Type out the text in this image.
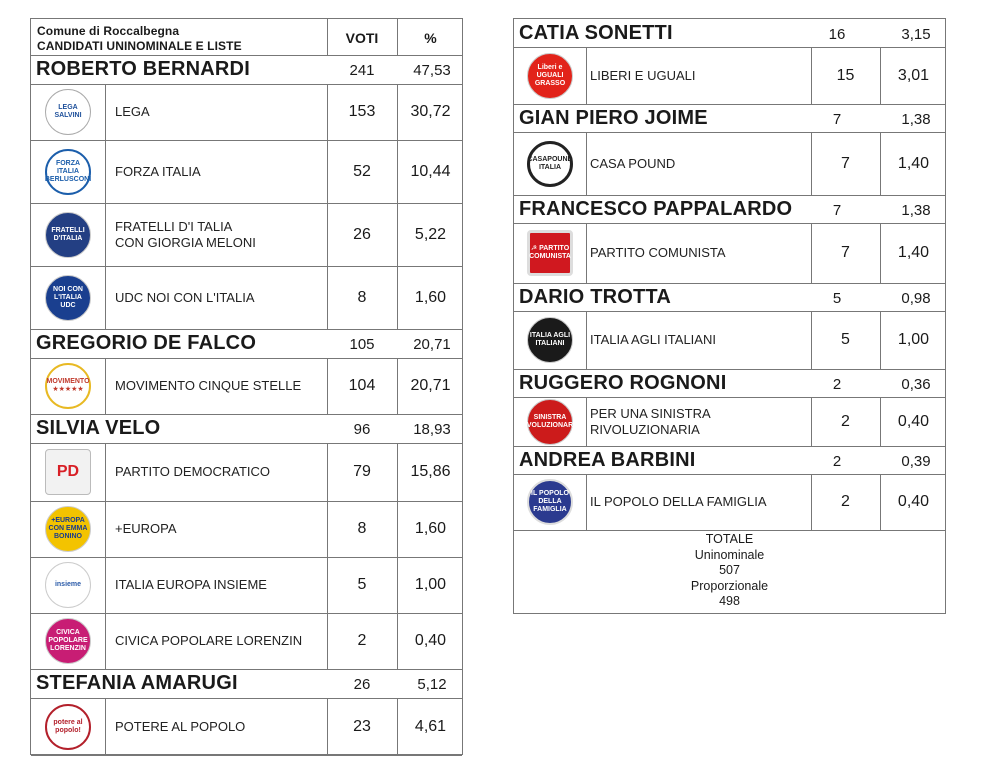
Comune di Roccalbegna
CANDIDATI UNINOMINALE E LISTE	VOTI	%
ROBERTO BERNARDI	241	47,53
LEGA SALVINI	LEGA	153	30,72
FORZA ITALIA BERLUSCONI
FORZA ITALIA	52	10,44
FRATELLI D'ITALIA
FRATELLI D'I TALIA
CON GIORGIA MELONI	26	5,22
NOI CON L'ITALIA UDC
UDC NOI CON L'ITALIA	8	1,60
GREGORIO DE FALCO	105	20,71
MOVIMENTO ★★★★★	MOVIMENTO CINQUE STELLE	104	20,71
SILVIA VELO	96	18,93
PD	PARTITO DEMOCRATICO	79	15,86
+EUROPA CON EMMA BONINO
+EUROPA	8	1,60
insieme	ITALIA EUROPA INSIEME	5	1,00
CIVICA POPOLARE LORENZIN
CIVICA POPOLARE LORENZIN	2	0,40
STEFANIA AMARUGI	26	5,12
potere al popolo!	POTERE AL POPOLO	23	4,61
CATIA SONETTI	16	3,15
Liberi e UGUALI GRASSO
LIBERI E UGUALI	15	3,01
GIAN PIERO JOIME	7	1,38
CASAPOUND ITALIA	CASA POUND	7	1,40
FRANCESCO PAPPALARDO	7	1,38
☭ PARTITO COMUNISTA PARTITO COMUNISTA	7	1,40
DARIO TROTTA	5	0,98
ITALIA AGLI ITALIANI	ITALIA AGLI ITALIANI	5	1,00
RUGGERO ROGNONI	2	0,36
SINISTRA RIVOLUZIONARIA
PER UNA SINISTRA
RIVOLUZIONARIA	2	0,40
ANDREA BARBINI	2	0,39
IL POPOLO DELLA FAMIGLIA
IL POPOLO DELLA FAMIGLIA	2	0,40
TOTALE
Uninominale
507
Proporzionale
498
